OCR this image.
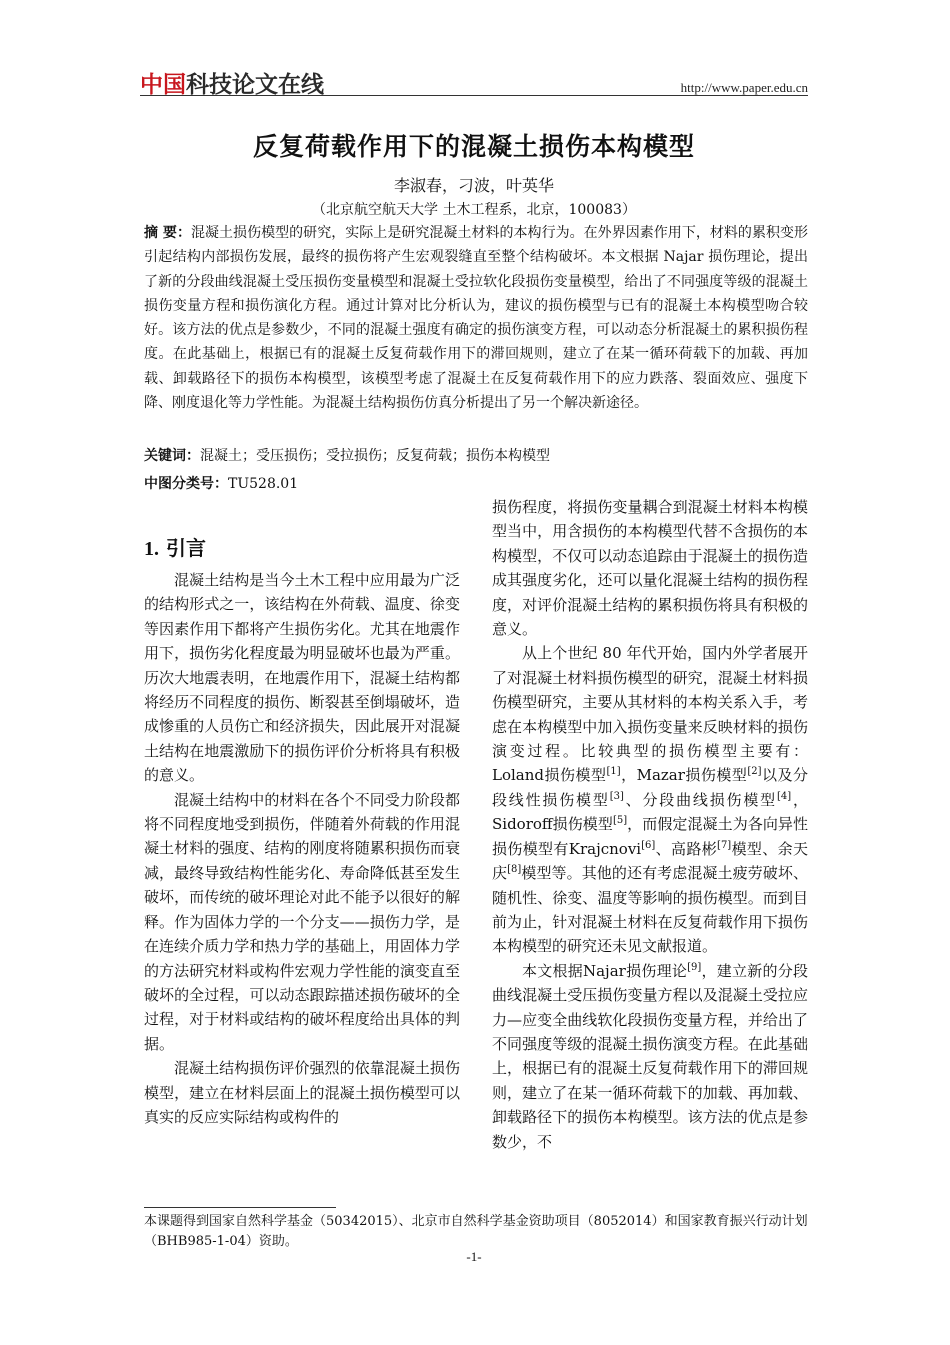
中国科技论文在线	http://www.paper.edu.cn
反复荷载作用下的混凝土损伤本构模型
李淑春，刁波，叶英华
（北京航空航天大学 土木工程系，北京，100083）
摘 要：混凝土损伤模型的研究，实际上是研究混凝土材料的本构行为。在外界因素作用下，材料的累积变形引起结构内部损伤发展，最终的损伤将产生宏观裂缝直至整个结构破坏。本文根据 Najar 损伤理论，提出了新的分段曲线混凝土受压损伤变量模型和混凝土受拉软化段损伤变量模型，给出了不同强度等级的混凝土损伤变量方程和损伤演化方程。通过计算对比分析认为，建议的损伤模型与已有的混凝土本构模型吻合较好。该方法的优点是参数少，不同的混凝土强度有确定的损伤演变方程，可以动态分析混凝土的累积损伤程度。在此基础上，根据已有的混凝土反复荷载作用下的滞回规则，建立了在某一循环荷载下的加载、再加载、卸载路径下的损伤本构模型，该模型考虑了混凝土在反复荷载作用下的应力跌落、裂面效应、强度下降、刚度退化等力学性能。为混凝土结构损伤仿真分析提出了另一个解决新途径。
关键词：混凝土；受压损伤；受拉损伤；反复荷载；损伤本构模型
中图分类号：TU528.01
1. 引言

混凝土结构是当今土木工程中应用最为广泛的结构形式之一，该结构在外荷载、温度、徐变等因素作用下都将产生损伤劣化。尤其在地震作用下，损伤劣化程度最为明显破坏也最为严重。历次大地震表明，在地震作用下，混凝土结构都将经历不同程度的损伤、断裂甚至倒塌破坏，造成惨重的人员伤亡和经济损失，因此展开对混凝土结构在地震激励下的损伤评价分析将具有积极的意义。

混凝土结构中的材料在各个不同受力阶段都将不同程度地受到损伤，伴随着外荷载的作用混凝土材料的强度、结构的刚度将随累积损伤而衰减，最终导致结构性能劣化、寿命降低甚至发生破坏，而传统的破坏理论对此不能予以很好的解释。作为固体力学的一个分支——损伤力学，是在连续介质力学和热力学的基础上，用固体力学的方法研究材料或构件宏观力学性能的演变直至破坏的全过程，可以动态跟踪描述损伤破坏的全过程，对于材料或结构的破坏程度给出具体的判据。

混凝土结构损伤评价强烈的依靠混凝土损伤模型，建立在材料层面上的混凝土损伤模型可以真实的反应实际结构或构件的

损伤程度，将损伤变量耦合到混凝土材料本构模型当中，用含损伤的本构模型代替不含损伤的本构模型，不仅可以动态追踪由于混凝土的损伤造成其强度劣化，还可以量化混凝土结构的损伤程度，对评价混凝土结构的累积损伤将具有积极的意义。

从上个世纪 80 年代开始，国内外学者展开了对混凝土材料损伤模型的研究，混凝土材料损伤模型研究，主要从其材料的本构关系入手，考虑在本构模型中加入损伤变量来反映材料的损伤演变过程。比较典型的损伤模型主要有：Loland损伤模型[1]，Mazar损伤模型[2]以及分段线性损伤模型[3]、分段曲线损伤模型[4]，Sidoroff损伤模型[5]，而假定混凝土为各向异性损伤模型有Krajcnovi[6]、高路彬[7]模型、余天庆[8]模型等。其他的还有考虑混凝土疲劳破坏、随机性、徐变、温度等影响的损伤模型。而到目前为止，针对混凝土材料在反复荷载作用下损伤本构模型的研究还未见文献报道。

本文根据Najar损伤理论[9]，建立新的分段曲线混凝土受压损伤变量方程以及混凝土受拉应力—应变全曲线软化段损伤变量方程，并给出了不同强度等级的混凝土损伤演变方程。在此基础上，根据已有的混凝土反复荷载作用下的滞回规则，建立了在某一循环荷载下的加载、再加载、卸载路径下的损伤本构模型。该方法的优点是参数少，不

本课题得到国家自然科学基金（50342015）、北京市自然科学基金资助项目（8052014）和国家教育振兴行动计划（BHB985-1-04）资助。
-1-
